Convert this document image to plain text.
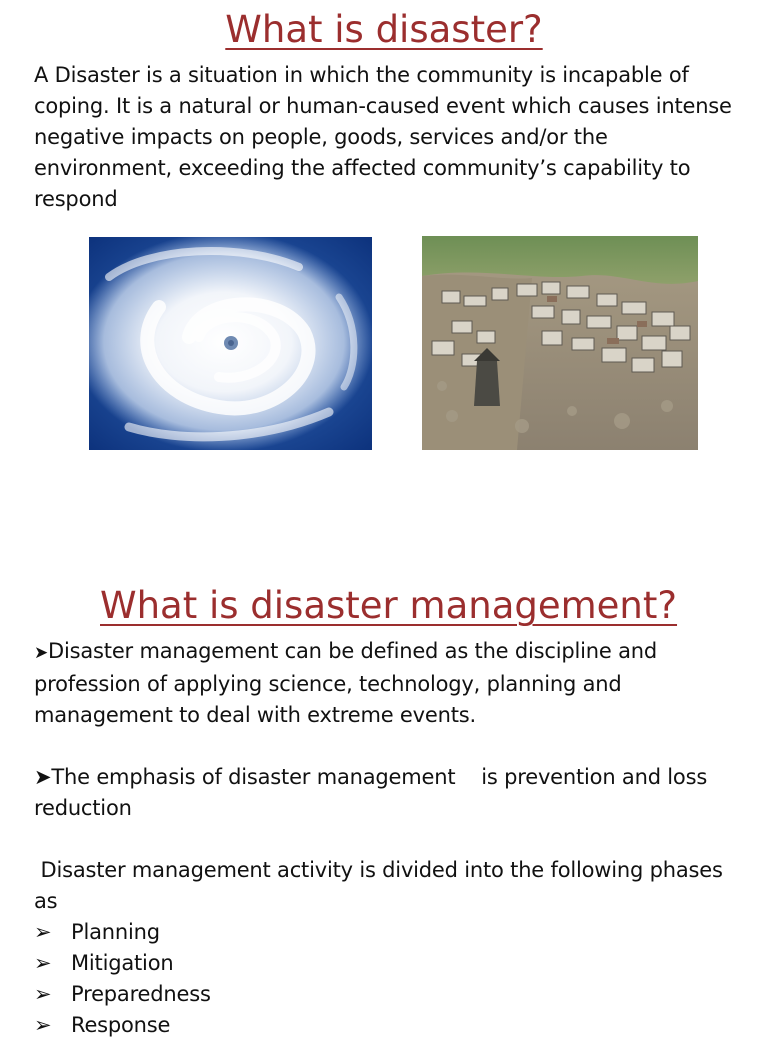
What is disaster?
A Disaster is a situation in which the community is incapable of
coping. It is a natural or human-caused event which causes intense
negative impacts on people, goods, services and/or the
environment, exceeding the affected community’s capability to
respond
What is disaster management?
➤Disaster management can be defined as the discipline and
profession of applying science, technology, planning and
management to deal with extreme events.
➤The emphasis of disaster management    is prevention and loss
reduction
Disaster management activity is divided into the following phases
as
➢ Planning
➢ Mitigation
➢ Preparedness
➢ Response
